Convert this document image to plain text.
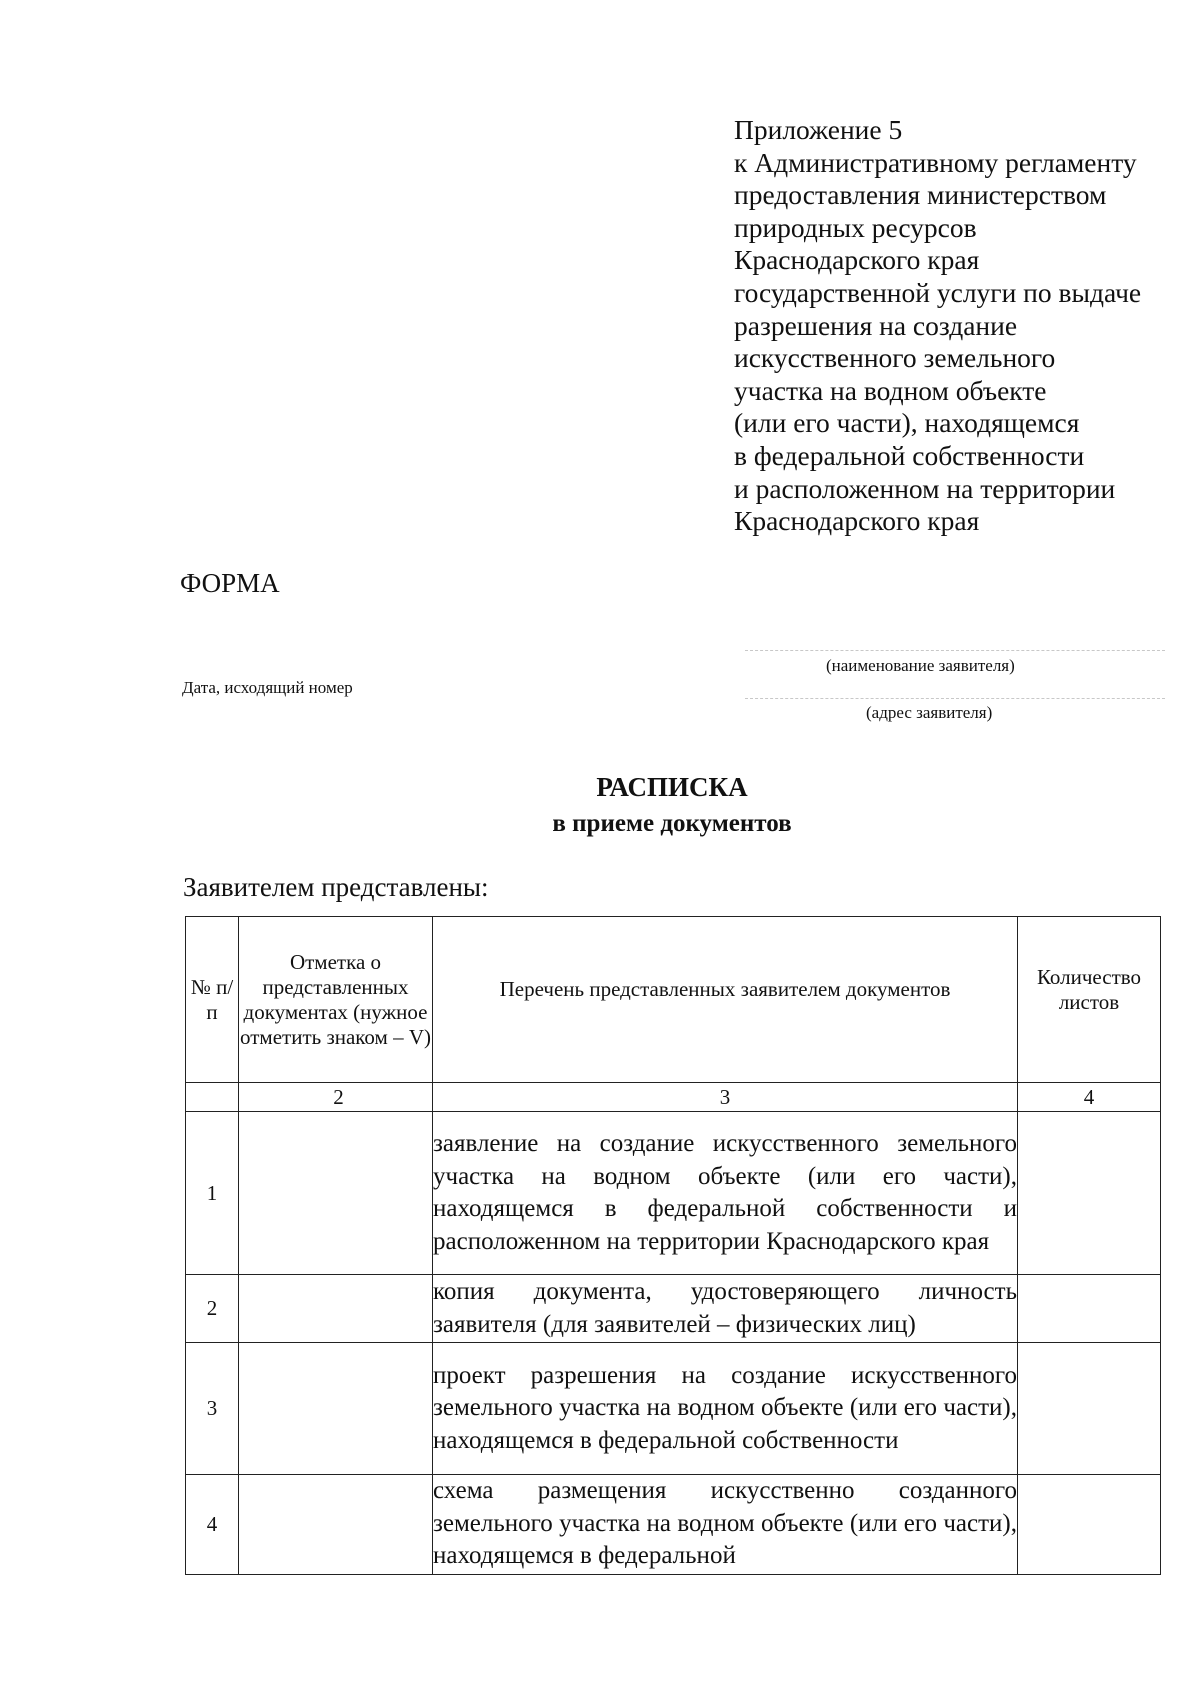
Приложение 5
к Административному регламенту
предоставления министерством
природных ресурсов
Краснодарского края
государственной услуги по выдаче
разрешения на создание
искусственного земельного
участка на водном объекте
(или его части), находящемся
в федеральной собственности
и расположенном на территории
Краснодарского края
ФОРМА
(наименование заявителя)
(адрес заявителя)
Дата, исходящий номер
РАСПИСКА
в приеме документов
Заявителем представлены:
№ п/п	Отметка о представленных документах (нужное отметить знаком – V)	Перечень представленных заявителем документов	Количество листов

	2	3	4
1		заявление на создание искусственного земельного участка на водном объекте (или его части), находящемся в федеральной собственности и расположенном на территории Краснодарского края	
2		копия документа, удостоверяющего личность заявителя (для заявителей – физических лиц)	
3		проект разрешения на создание искусственного земельного участка на водном объекте (или его части), находящемся в федеральной собственности	
4		схема размещения искусственно созданного земельного участка на водном объекте (или его части), находящемся в федеральной	
